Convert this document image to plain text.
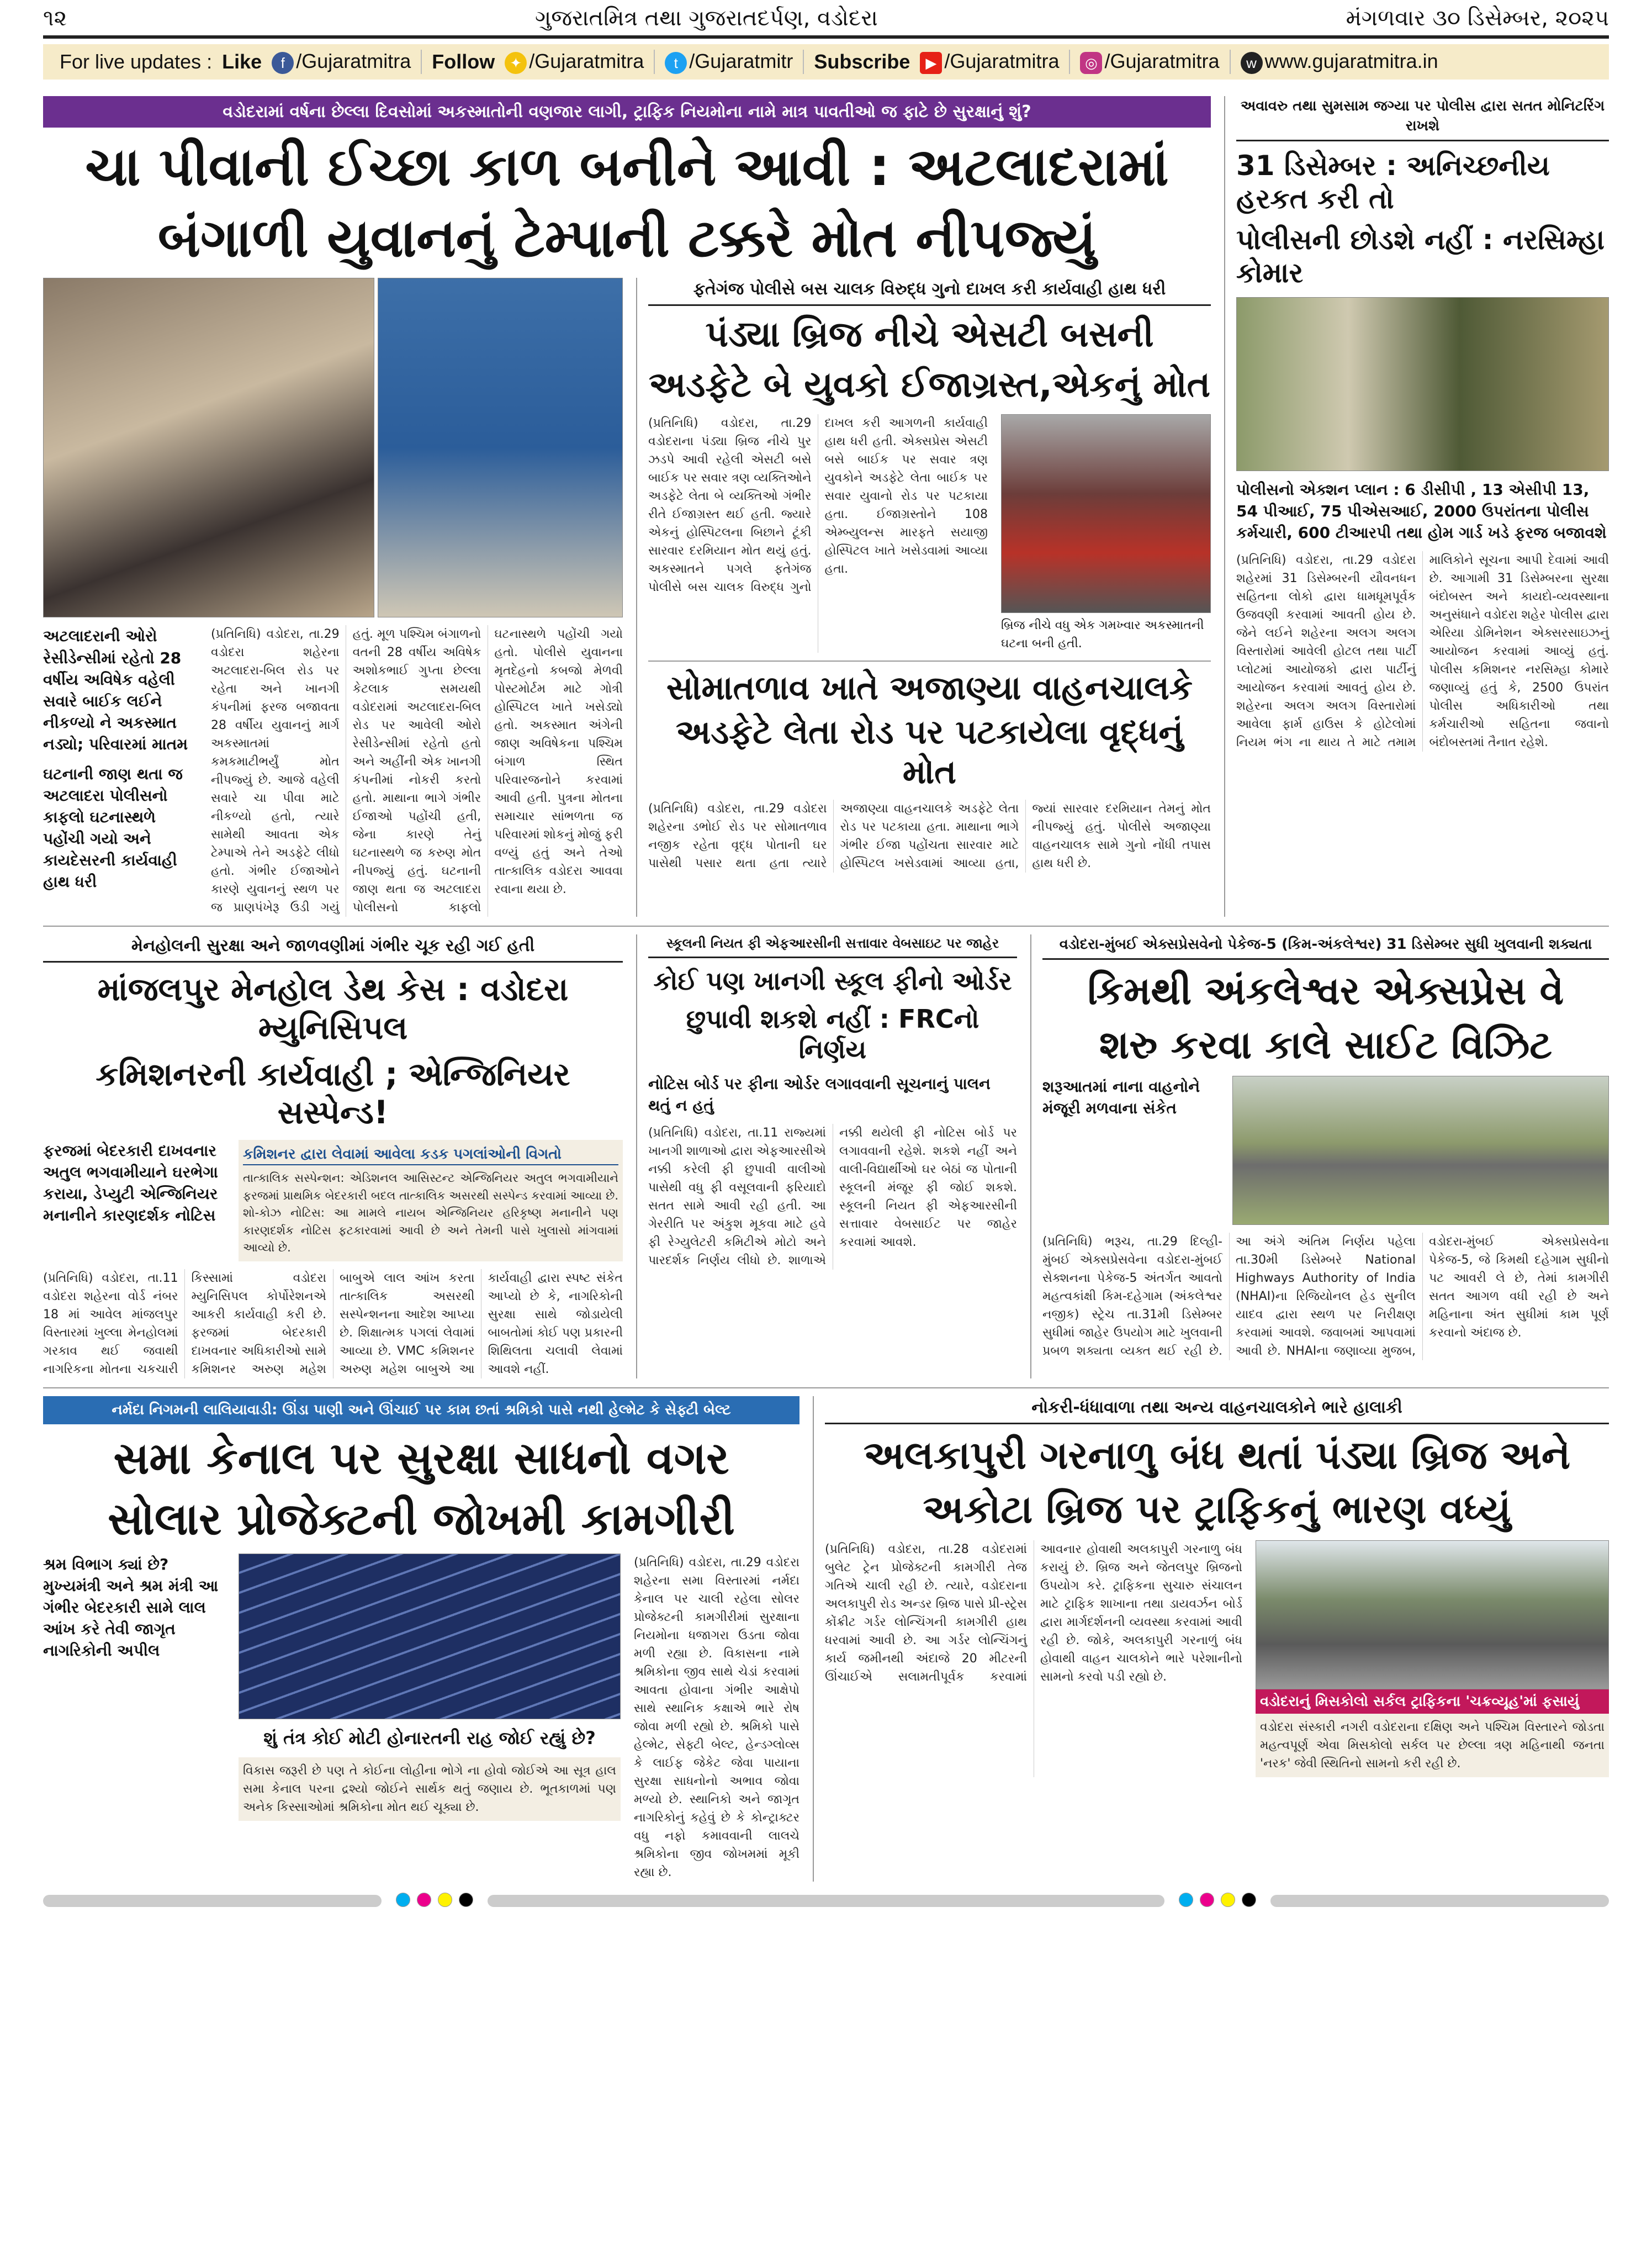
૧૨	ગુજરાતમિત્ર તથા ગુજરાતદર્પણ, વડોદરા	મંગળવાર ૩૦ ડિસેમ્બર, ૨૦૨૫
For live updates : Like	f /Gujaratmitra Follow	✦ /Gujaratmitra	t /Gujaratmitr Subscribe	▶ /Gujaratmitra	◎ /Gujaratmitra	w www.gujaratmitra.in
વડોદરામાં વર્ષના છેલ્લા દિવસોમાં અકસ્માતોની વણજાર લાગી, ટ્રાફિક નિયમોના નામે માત્ર પાવતીઓ જ ફાટે છે સુરક્ષાનું શું?
ચા પીવાની ઈચ્છા કાળ બનીને આવી : અટલાદરામાં
બંગાળી યુવાનનું ટેમ્પાની ટક્કરે મોત નીપજ્યું
અટલાદરાની ઓરો રેસીડેન્સીમાં રહેતો 28 વર્ષીય અવિષેક વહેલી સવારે બાઈક લઈને નીકળ્યો ને અકસ્માત નડ્યો; પરિવારમાં માતમ
ઘટનાની જાણ થતા જ અટલાદરા પોલીસનો કાફલો ઘટનાસ્થળે પહોંચી ગયો અને કાયદેસરની કાર્યવાહી હાથ ધરી
(પ્રતિનિધિ) વડોદરા, તા.29 વડોદરા શહેરના અટલાદરા-બિલ રોડ પર રહેતા અને ખાનગી કંપનીમાં ફરજ બજાવતા 28 વર્ષીય યુવાનનું માર્ગ અકસ્માતમાં કમકમાટીભર્યું મોત નીપજ્યું છે. આજે વહેલી સવારે ચા પીવા માટે નીકળ્યો હતો, ત્યારે સામેથી આવતા એક ટેમ્પાએ તેને અડફેટે લીધો હતો. ગંભીર ઈજાઓને કારણે યુવાનનું સ્થળ પર જ પ્રાણપંખેરૂ ઉડી ગયું હતું. મૂળ પશ્ચિમ બંગાળનો વતની 28 વર્ષીય અવિષેક અશોકભાઈ ગુપ્તા છેલ્લા કેટલાક સમયથી વડોદરામાં અટલાદરા-બિલ રોડ પર આવેલી ઓરો રેસીડેન્સીમાં રહેતો હતો અને અહીંની એક ખાનગી કંપનીમાં નોકરી કરતો હતો. માથાના ભાગે ગંભીર ઈજાઓ પહોંચી હતી, જેના કારણે તેનું ઘટનાસ્થળે જ કરુણ મોત નીપજ્યું હતું. ઘટનાની જાણ થતા જ અટલાદરા પોલીસનો કાફલો ઘટનાસ્થળે પહોંચી ગયો હતો. પોલીસે યુવાનના મૃતદેહનો કબજો મેળવી પોસ્ટમોર્ટમ માટે ગોત્રી હોસ્પિટલ ખાતે ખસેડ્યો હતો. અકસ્માત અંગેની જાણ અવિષેકના પશ્ચિમ બંગાળ સ્થિત પરિવારજનોને કરવામાં આવી હતી. પુત્રના મોતના સમાચાર સાંભળતા જ પરિવારમાં શોકનું મોજું ફરી વળ્યું હતું અને તેઓ તાત્કાલિક વડોદરા આવવા રવાના થયા છે.
ફતેગંજ પોલીસે બસ ચાલક વિરુદ્ધ ગુનો દાખલ કરી કાર્યવાહી હાથ ધરી
પંડ્યા બ્રિજ નીચે એસટી બસની
અડફેટે બે યુવકો ઈજાગ્રસ્ત,એકનું મોત
(પ્રતિનિધિ) વડોદરા, તા.29 વડોદરાના પંડ્યા બ્રિજ નીચે પુર ઝડપે આવી રહેલી એસટી બસે બાઈક પર સવાર ત્રણ વ્યક્તિઓને અડફેટે લેતા બે વ્યક્તિઓ ગંભીર રીતે ઈજાગ્રસ્ત થઈ હતી. જ્યારે એકનું હોસ્પિટલના બિછાને ટૂંકી સારવાર દરમિયાન મોત થયું હતું. અકસ્માતને પગલે ફતેગંજ પોલીસે બસ ચાલક વિરુદ્ધ ગુનો દાખલ કરી આગળની કાર્યવાહી હાથ ધરી હતી. એક્સપ્રેસ એસટી બસે બાઈક પર સવાર ત્રણ યુવકોને અડફેટે લેતા બાઈક પર સવાર યુવાનો રોડ પર પટકાયા હતા. ઈજાગ્રસ્તોને 108 એમ્બ્યુલન્સ મારફતે સયાજી હોસ્પિટલ ખાતે ખસેડવામાં આવ્યા હતા.
બ્રિજ નીચે વધુ એક ગમખ્વાર અકસ્માતની ઘટના બની હતી.
સોમાતળાવ ખાતે અજાણ્યા વાહનચાલકે
અડફેટે લેતા રોડ પર પટકાયેલા વૃદ્ધનું મોત
(પ્રતિનિધિ) વડોદરા, તા.29 વડોદરા શહેરના ડભોઈ રોડ પર સોમાતળાવ નજીક રહેતા વૃદ્ધ પોતાની ઘર પાસેથી પસાર થતા હતા ત્યારે અજાણ્યા વાહનચાલકે અડફેટે લેતા રોડ પર પટકાયા હતા. માથાના ભાગે ગંભીર ઈજા પહોંચતા સારવાર માટે હોસ્પિટલ ખસેડવામાં આવ્યા હતા, જ્યાં સારવાર દરમિયાન તેમનું મોત નીપજ્યું હતું. પોલીસે અજાણ્યા વાહનચાલક સામે ગુનો નોંધી તપાસ હાથ ધરી છે.
અવાવરુ તથા સુમસામ જગ્યા પર પોલીસ દ્વારા સતત મોનિટરિંગ રાખશે
31 ડિસેમ્બર : અનિચ્છનીય હરકત કરી તો
પોલીસની છોડશે નહીં : નરસિમ્હા કોમાર
પોલીસનો એક્શન પ્લાન : 6 ડીસીપી , 13 એસીપી 13, 54 પીઆઈ, 75 પીએસઆઈ, 2000 ઉપરાંતના પોલીસ કર્મચારી, 600 ટીઆરપી તથા હોમ ગાર્ડ ખડે ફરજ બજાવશે
(પ્રતિનિધિ) વડોદરા, તા.29 વડોદરા શહેરમાં 31 ડિસેમ્બરની યૌવનધન સહિતના લોકો દ્વારા ધામધૂમપૂર્વક ઉજવણી કરવામાં આવતી હોય છે. જેને લઈને શહેરના અલગ અલગ વિસ્તારોમાં આવેલી હોટલ તથા પાર્ટી પ્લોટમાં આયોજકો દ્વારા પાર્ટીનું આયોજન કરવામાં આવતું હોય છે. શહેરના અલગ અલગ વિસ્તારોમાં આવેલા ફાર્મ હાઉસ કે હોટેલોમાં નિયમ ભંગ ના થાય તે માટે તમામ માલિકોને સૂચના આપી દેવામાં આવી છે. આગામી 31 ડિસેમ્બરના સુરક્ષા બંદોબસ્ત અને કાયદો-વ્યવસ્થાના અનુસંધાને વડોદરા શહેર પોલીસ દ્વારા એરિયા ડોમિનેશન એક્સરસાઇઝનું આયોજન કરવામાં આવ્યું હતું. પોલીસ કમિશનર નરસિમ્હા કોમારે જણાવ્યું હતું કે, 2500 ઉપરાંત પોલીસ અધિકારીઓ તથા કર્મચારીઓ સહિતના જવાનો બંદોબસ્તમાં તૈનાત રહેશે.
મેનહોલની સુરક્ષા અને જાળવણીમાં ગંભીર ચૂક રહી ગઈ હતી
માંજલપુર મેનહોલ ડેથ કેસ : વડોદરા મ્યુનિસિપલ
કમિશનરની કાર્યવાહી ; એન્જિનિયર સસ્પેન્ડ!
ફરજમાં બેદરકારી દાખવનાર અતુલ ભગવામીયાને ઘરભેગા કરાયા, ડેપ્યુટી એન્જિનિયર મનાનીને કારણદર્શક નોટિસ
કમિશનર દ્વારા લેવામાં આવેલા કડક પગલાંઓની વિગતો
તાત્કાલિક સસ્પેન્શન: એડિશનલ આસિસ્ટન્ટ એન્જિનિયર અતુલ ભગવામીયાને ફરજમાં પ્રાથમિક બેદરકારી બદલ તાત્કાલિક અસરથી સસ્પેન્ડ કરવામાં આવ્યા છે. શો-કોઝ નોટિસ: આ મામલે નાયબ એન્જિનિયર હરિકૃષ્ણ મનાનીને પણ કારણદર્શક નોટિસ ફટકારવામાં આવી છે અને તેમની પાસે ખુલાસો માંગવામાં આવ્યો છે.
(પ્રતિનિધિ) વડોદરા, તા.11 વડોદરા શહેરના વોર્ડ નંબર 18 માં આવેલ માંજલપુર વિસ્તારમાં ખુલ્લા મેનહોલમાં ગરકાવ થઈ જવાથી નાગરિકના મોતના ચકચારી કિસ્સામાં વડોદરા મ્યુનિસિપલ કોર્પોરેશનએ આકરી કાર્યવાહી કરી છે. ફરજમાં બેદરકારી દાખવનાર અધિકારીઓ સામે કમિશનર અરુણ મહેશ બાબુએ લાલ આંખ કરતા તાત્કાલિક અસરથી સસ્પેન્શનના આદેશ આપ્યા છે. શિક્ષાત્મક પગલાં લેવામાં આવ્યા છે. VMC કમિશનર અરુણ મહેશ બાબુએ આ કાર્યવાહી દ્વારા સ્પષ્ટ સંકેત આપ્યો છે કે, નાગરિકોની સુરક્ષા સાથે જોડાયેલી બાબતોમાં કોઈ પણ પ્રકારની શિથિલતા ચલાવી લેવામાં આવશે નહીં.
સ્કૂલની નિયત ફી એફઆરસીની સત્તાવાર વેબસાઇટ પર જાહેર
કોઈ પણ ખાનગી સ્કૂલ ફીનો ઓર્ડર
છુપાવી શકશે નહીં : FRCનો નિર્ણય
નોટિસ બોર્ડ પર ફીના ઓર્ડર લગાવવાની સૂચનાનું પાલન થતું ન હતું
(પ્રતિનિધિ) વડોદરા, તા.11 રાજ્યમાં ખાનગી શાળાઓ દ્વારા એફઆરસીએ નક્કી કરેલી ફી છુપાવી વાલીઓ પાસેથી વધુ ફી વસૂલવાની ફરિયાદો સતત સામે આવી રહી હતી. આ ગેરરીતિ પર અંકુશ મૂકવા માટે હવે ફી રેગ્યુલેટરી કમિટીએ મોટો અને પારદર્શક નિર્ણય લીધો છે. શાળાએ નક્કી થયેલી ફી નોટિસ બોર્ડ પર લગાવવાની રહેશે. શકશે નહીં અને વાલી-વિદ્યાર્થીઓ ઘર બેઠાં જ પોતાની સ્કૂલની મંજૂર ફી જોઈ શકશે. સ્કૂલની નિયત ફી એફઆરસીની સત્તાવાર વેબસાઈટ પર જાહેર કરવામાં આવશે.
વડોદરા-મુંબઈ એક્સપ્રેસવેનો પેકેજ-5 (કિમ-અંકલેશ્વર) 31 ડિસેમ્બર સુધી ખુલવાની શક્યતા
કિમથી અંકલેશ્વર એક્સપ્રેસ વે
શરુ કરવા કાલે સાઈટ વિઝિટ
શરૂઆતમાં નાના વાહનોને મંજૂરી મળવાના સંકેત
(પ્રતિનિધિ) ભરૂચ, તા.29 દિલ્હી-મુંબઈ એક્સપ્રેસવેના વડોદરા-મુંબઈ સેક્શનના પેકેજ-5 અંતર્ગત આવતો મહત્વકાંક્ષી કિમ-દહેગામ (અંકલેશ્વર નજીક) સ્ટ્રેચ તા.31મી ડિસેમ્બર સુધીમાં જાહેર ઉપયોગ માટે ખુલવાની પ્રબળ શક્યતા વ્યક્ત થઈ રહી છે. આ અંગે અંતિમ નિર્ણય પહેલા તા.30મી ડિસેમ્બરે National Highways Authority of India (NHAI)ના રિજિયોનલ હેડ સુનીલ યાદવ દ્વારા સ્થળ પર નિરીક્ષણ કરવામાં આવશે. જવાબમાં આપવામાં આવી છે. NHAIના જણાવ્યા મુજબ, વડોદરા-મુંબઈ એક્સપ્રેસવેના પેકેજ-5, જે કિમથી દહેગામ સુધીનો પટ આવરી લે છે, તેમાં કામગીરી સતત આગળ વધી રહી છે અને મહિનાના અંત સુધીમાં કામ પૂર્ણ કરવાનો અંદાજ છે.
નર્મદા નિગમની લાલિયાવાડી: ઊંડા પાણી અને ઊંચાઈ પર કામ છતાં શ્રમિકો પાસે નથી હેલ્મેટ કે સેફ્ટી બેલ્ટ
સમા કેનાલ પર સુરક્ષા સાધનો વગર
સોલાર પ્રોજેક્ટની જોખમી કામગીરી
શ્રમ વિભાગ ક્યાં છે? મુખ્યમંત્રી અને શ્રમ મંત્રી આ ગંભીર બેદરકારી સામે લાલ આંખ કરે તેવી જાગૃત નાગરિકોની અપીલ
શું તંત્ર કોઈ મોટી હોનારતની રાહ જોઈ રહ્યું છે?
વિકાસ જરૂરી છે પણ તે કોઈના લોહીના ભોગે ના હોવો જોઈએ આ સૂત્ર હાલ સમા કેનાલ પરના દ્રશ્યો જોઈને સાર્થક થતું જણાય છે. ભૂતકાળમાં પણ અનેક કિસ્સાઓમાં શ્રમિકોના મોત થઈ ચૂક્યા છે.
(પ્રતિનિધિ) વડોદરા, તા.29 વડોદરા શહેરના સમા વિસ્તારમાં નર્મદા કેનાલ પર ચાલી રહેલા સોલર પ્રોજેક્ટની કામગીરીમાં સુરક્ષાના નિયમોના ધજાગરા ઉડતા જોવા મળી રહ્યા છે. વિકાસના નામે શ્રમિકોના જીવ સાથે ચેડાં કરવામાં આવતા હોવાના ગંભીર આક્ષેપો સાથે સ્થાનિક કક્ષાએ ભારે રોષ જોવા મળી રહ્યો છે. શ્રમિકો પાસે હેલ્મેટ, સેફ્ટી બેલ્ટ, હેન્ડગ્લોવ્સ કે લાઈફ જેકેટ જેવા પાયાના સુરક્ષા સાધનોનો અભાવ જોવા મળ્યો છે. સ્થાનિકો અને જાગૃત નાગરિકોનું કહેવું છે કે કોન્ટ્રાક્ટર વધુ નફો કમાવવાની લાલચે શ્રમિકોના જીવ જોખમમાં મૂકી રહ્યા છે.
નોકરી-ધંધાવાળા તથા અન્ય વાહનચાલકોને ભારે હાલાકી
અલકાપુરી ગરનાળુ બંધ થતાં પંડ્યા બ્રિજ અને
અકોટા બ્રિજ પર ટ્રાફિકનું ભારણ વધ્યું
(પ્રતિનિધિ) વડોદરા, તા.28 વડોદરામાં બુલેટ ટ્રેન પ્રોજેક્ટની કામગીરી તેજ ગતિએ ચાલી રહી છે. ત્યારે, વડોદરાના અલકાપુરી રોડ અન્ડર બ્રિજ પાસે પ્રી-સ્ટ્રેસ કોંક્રીટ ગર્ડર લોન્ચિંગની કામગીરી હાથ ધરવામાં આવી છે. આ ગર્ડર લોન્ચિંગનું કાર્ય જમીનથી અંદાજે 20 મીટરની ઊંચાઈએ સલામતીપૂર્વક કરવામાં આવનાર હોવાથી અલકાપુરી ગરનાળુ બંધ કરાયું છે. બ્રિજ અને જેતલપુર બ્રિજનો ઉપયોગ કરે. ટ્રાફિકના સુચારુ સંચાલન માટે ટ્રાફિક શાખાના તથા ડાયવર્ઝન બોર્ડ દ્વારા માર્ગદર્શનની વ્યવસ્થા કરવામાં આવી રહી છે. જોકે, અલકાપુરી ગરનાળું બંધ હોવાથી વાહન ચાલકોને ભારે પરેશાનીનો સામનો કરવો પડી રહ્યો છે.
વડોદરાનું મિસકોલો સર્કલ ટ્રાફિકના 'ચક્રવ્યૂહ'માં ફસાયું
વડોદરા સંસ્કારી નગરી વડોદરાના દક્ષિણ અને પશ્ચિમ વિસ્તારને જોડતા મહત્વપૂર્ણ એવા મિસકોલો સર્કલ પર છેલ્લા ત્રણ મહિનાથી જનતા 'નરક' જેવી સ્થિતિનો સામનો કરી રહી છે.
